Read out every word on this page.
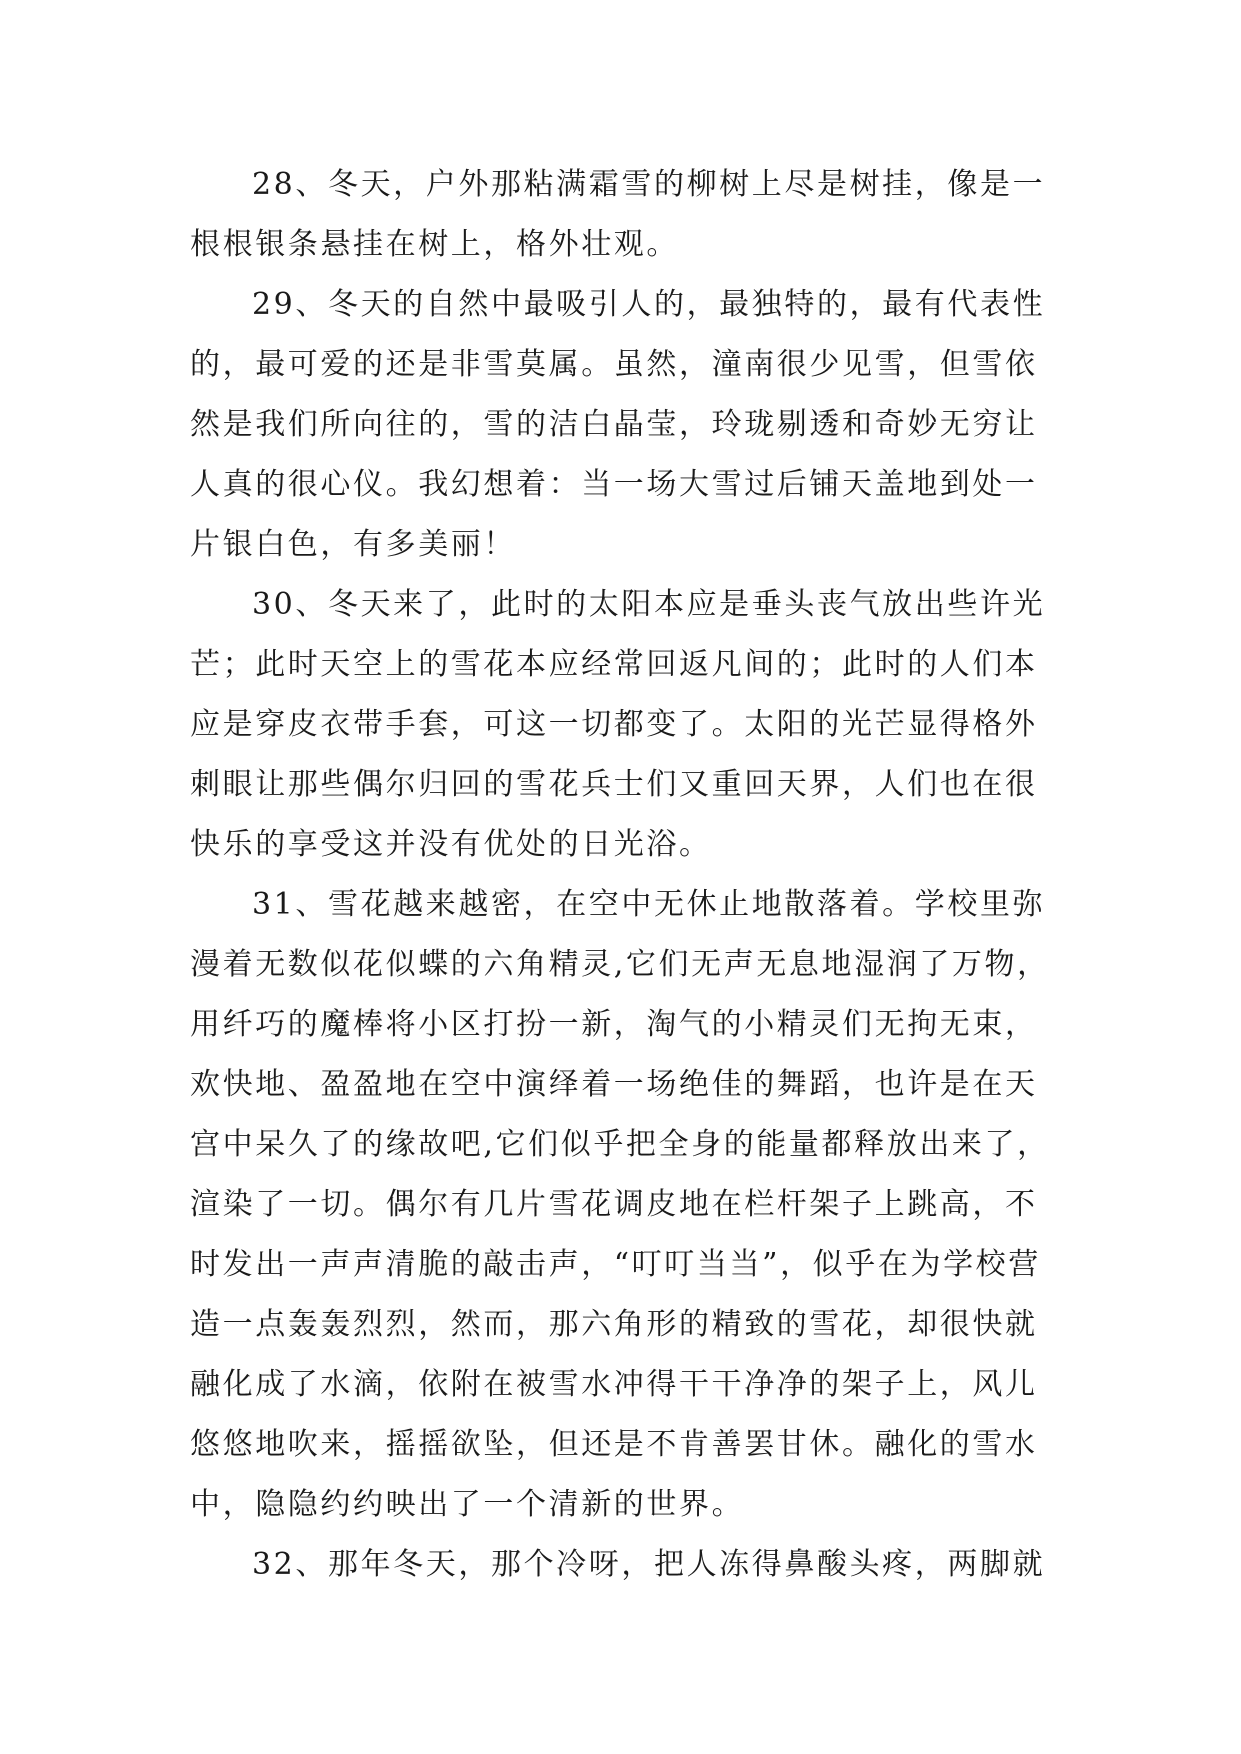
28、冬天，户外那粘满霜雪的柳树上尽是树挂，像是一
根根银条悬挂在树上，格外壮观。
29、冬天的自然中最吸引人的，最独特的，最有代表性
的，最可爱的还是非雪莫属。虽然，潼南很少见雪，但雪依
然是我们所向往的，雪的洁白晶莹，玲珑剔透和奇妙无穷让
人真的很心仪。我幻想着：当一场大雪过后铺天盖地到处一
片银白色，有多美丽！
30、冬天来了，此时的太阳本应是垂头丧气放出些许光
芒；此时天空上的雪花本应经常回返凡间的；此时的人们本
应是穿皮衣带手套，可这一切都变了。太阳的光芒显得格外
刺眼让那些偶尔归回的雪花兵士们又重回天界，人们也在很
快乐的享受这并没有优处的日光浴。
31、雪花越来越密，在空中无休止地散落着。学校里弥
漫着无数似花似蝶的六角精灵,它们无声无息地湿润了万物，
用纤巧的魔棒将小区打扮一新，淘气的小精灵们无拘无束，
欢快地、盈盈地在空中演绎着一场绝佳的舞蹈，也许是在天
宫中呆久了的缘故吧,它们似乎把全身的能量都释放出来了，
渲染了一切。偶尔有几片雪花调皮地在栏杆架子上跳高，不
时发出一声声清脆的敲击声，“叮叮当当”，似乎在为学校营
造一点轰轰烈烈，然而，那六角形的精致的雪花，却很快就
融化成了水滴，依附在被雪水冲得干干净净的架子上，风儿
悠悠地吹来，摇摇欲坠，但还是不肯善罢甘休。融化的雪水
中，隐隐约约映出了一个清新的世界。
32、那年冬天，那个冷呀，把人冻得鼻酸头疼，两脚就
